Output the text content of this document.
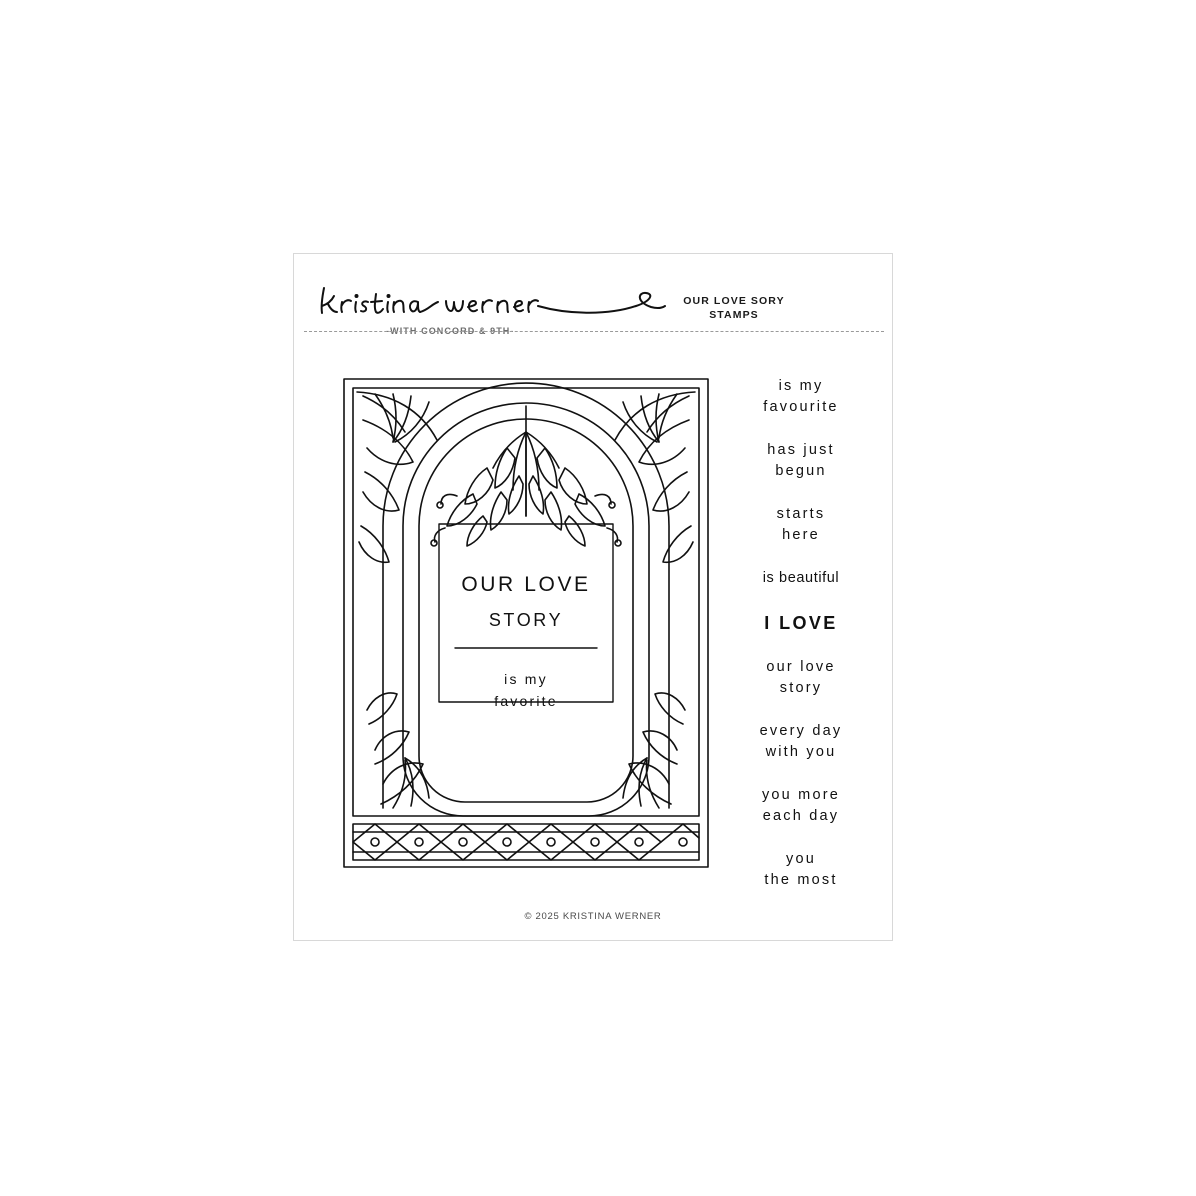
-WITH CONCORD & 9TH-
OUR LOVE SORY
STAMPS
OUR LOVE
STORY
is my
favorite
is my
favourite
has just
begun
starts
here
is beautiful
I LOVE
our love
story
every day
with you
you more
each day
you
the most
© 2025 KRISTINA WERNER
